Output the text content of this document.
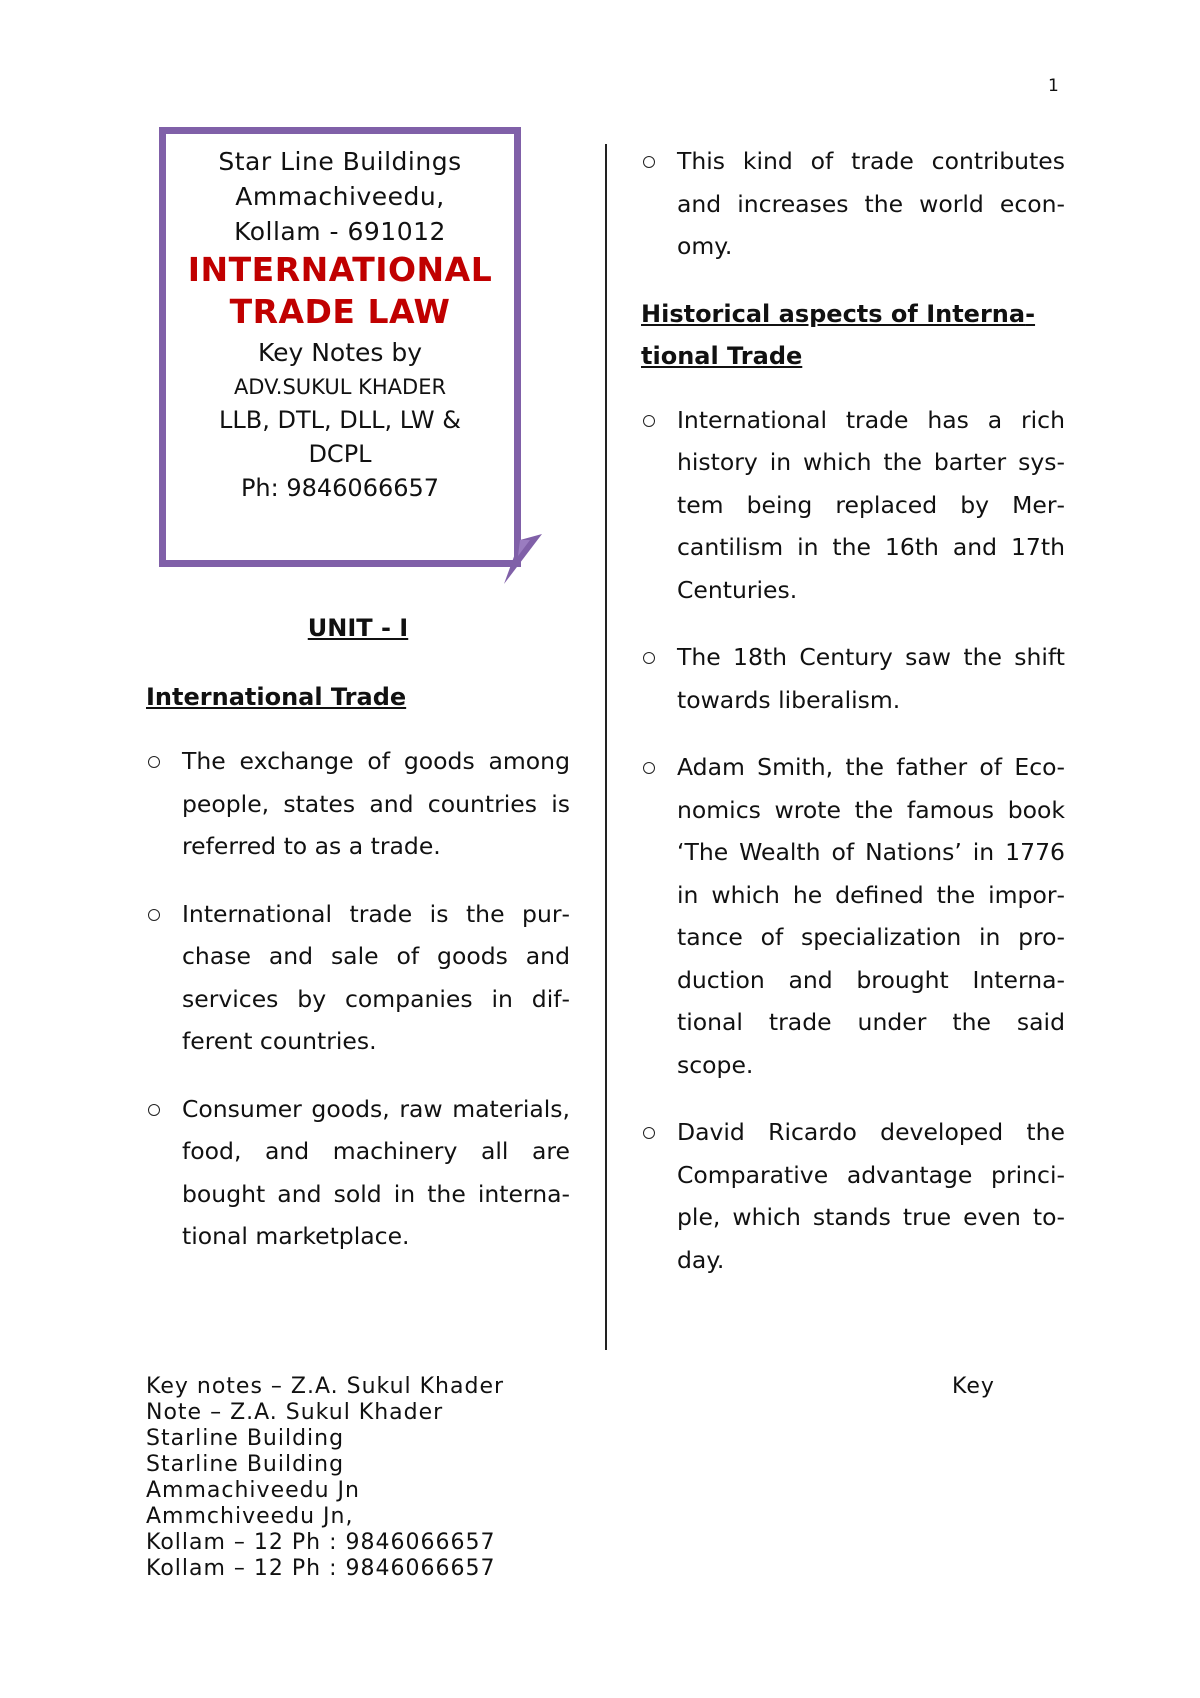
1
Star Line Buildings
Ammachiveedu,
Kollam - 691012
INTERNATIONAL
TRADE LAW
Key Notes by
ADV.SUKUL KHADER
LLB, DTL, DLL, LW &
DCPL
Ph: 9846066657
UNIT - I
International Trade
The exchange of goods among people, states and countries is referred to as a trade.
International trade is the purchase and sale of goods and services by companies in different countries.
Consumer goods, raw materials, food, and machinery all are bought and sold in the international marketplace.
This kind of trade contributes and increases the world economy.
Historical aspects of International Trade
International trade has a rich history in which the barter system being replaced by Mercantilism in the 16th and 17th Centuries.
The 18th Century saw the shift towards liberalism.
Adam Smith, the father of Economics wrote the famous book ‘The Wealth of Nations’ in 1776 in which he defined the importance of specialization in production and brought International trade under the said scope.
David Ricardo developed the Comparative advantage principle, which stands true even today.
Key notes – Z.A. Sukul Khader
Note – Z.A. Sukul Khader
Starline Building
Starline Building
Ammachiveedu Jn
Ammchiveedu Jn,
Kollam – 12 Ph : 9846066657
Kollam – 12 Ph : 9846066657
Key
